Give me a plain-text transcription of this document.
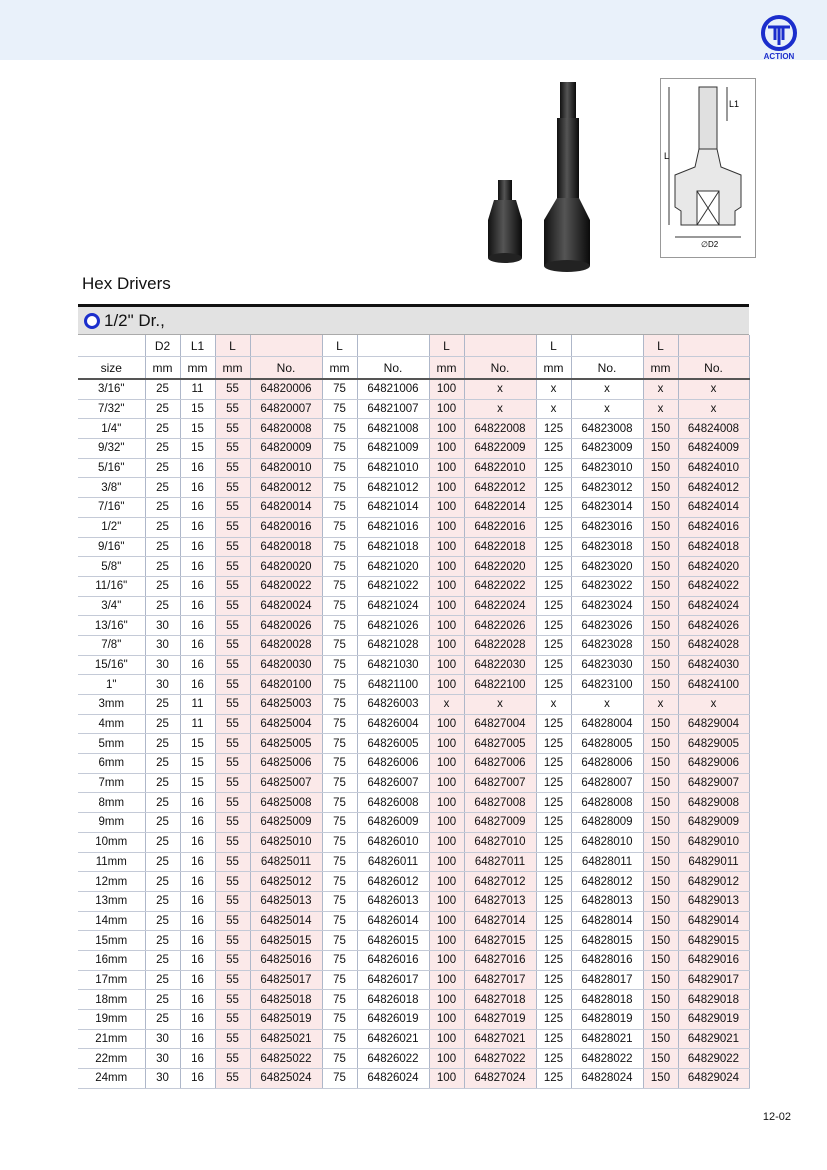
ACTION
L
L1
∅D2
Hex Drivers
1/2" Dr.,
	D2	L1	L		L		L		L		L	
size	mm	mm	mm	No.	mm	No.	mm	No.	mm	No.	mm	No.
3/16"	25	11	55	64820006	75	64821006	100	x	x	x	x	x
7/32"	25	15	55	64820007	75	64821007	100	x	x	x	x	x
1/4"	25	15	55	64820008	75	64821008	100	64822008	125	64823008	150	64824008
9/32"	25	15	55	64820009	75	64821009	100	64822009	125	64823009	150	64824009
5/16"	25	16	55	64820010	75	64821010	100	64822010	125	64823010	150	64824010
3/8"	25	16	55	64820012	75	64821012	100	64822012	125	64823012	150	64824012
7/16"	25	16	55	64820014	75	64821014	100	64822014	125	64823014	150	64824014
1/2"	25	16	55	64820016	75	64821016	100	64822016	125	64823016	150	64824016
9/16"	25	16	55	64820018	75	64821018	100	64822018	125	64823018	150	64824018
5/8"	25	16	55	64820020	75	64821020	100	64822020	125	64823020	150	64824020
11/16"	25	16	55	64820022	75	64821022	100	64822022	125	64823022	150	64824022
3/4"	25	16	55	64820024	75	64821024	100	64822024	125	64823024	150	64824024
13/16"	30	16	55	64820026	75	64821026	100	64822026	125	64823026	150	64824026
7/8"	30	16	55	64820028	75	64821028	100	64822028	125	64823028	150	64824028
15/16"	30	16	55	64820030	75	64821030	100	64822030	125	64823030	150	64824030
1"	30	16	55	64820100	75	64821100	100	64822100	125	64823100	150	64824100
3mm	25	11	55	64825003	75	64826003	x	x	x	x	x	x
4mm	25	11	55	64825004	75	64826004	100	64827004	125	64828004	150	64829004
5mm	25	15	55	64825005	75	64826005	100	64827005	125	64828005	150	64829005
6mm	25	15	55	64825006	75	64826006	100	64827006	125	64828006	150	64829006
7mm	25	15	55	64825007	75	64826007	100	64827007	125	64828007	150	64829007
8mm	25	16	55	64825008	75	64826008	100	64827008	125	64828008	150	64829008
9mm	25	16	55	64825009	75	64826009	100	64827009	125	64828009	150	64829009
10mm	25	16	55	64825010	75	64826010	100	64827010	125	64828010	150	64829010
11mm	25	16	55	64825011	75	64826011	100	64827011	125	64828011	150	64829011
12mm	25	16	55	64825012	75	64826012	100	64827012	125	64828012	150	64829012
13mm	25	16	55	64825013	75	64826013	100	64827013	125	64828013	150	64829013
14mm	25	16	55	64825014	75	64826014	100	64827014	125	64828014	150	64829014
15mm	25	16	55	64825015	75	64826015	100	64827015	125	64828015	150	64829015
16mm	25	16	55	64825016	75	64826016	100	64827016	125	64828016	150	64829016
17mm	25	16	55	64825017	75	64826017	100	64827017	125	64828017	150	64829017
18mm	25	16	55	64825018	75	64826018	100	64827018	125	64828018	150	64829018
19mm	25	16	55	64825019	75	64826019	100	64827019	125	64828019	150	64829019
21mm	30	16	55	64825021	75	64826021	100	64827021	125	64828021	150	64829021
22mm	30	16	55	64825022	75	64826022	100	64827022	125	64828022	150	64829022
24mm	30	16	55	64825024	75	64826024	100	64827024	125	64828024	150	64829024
12-02
